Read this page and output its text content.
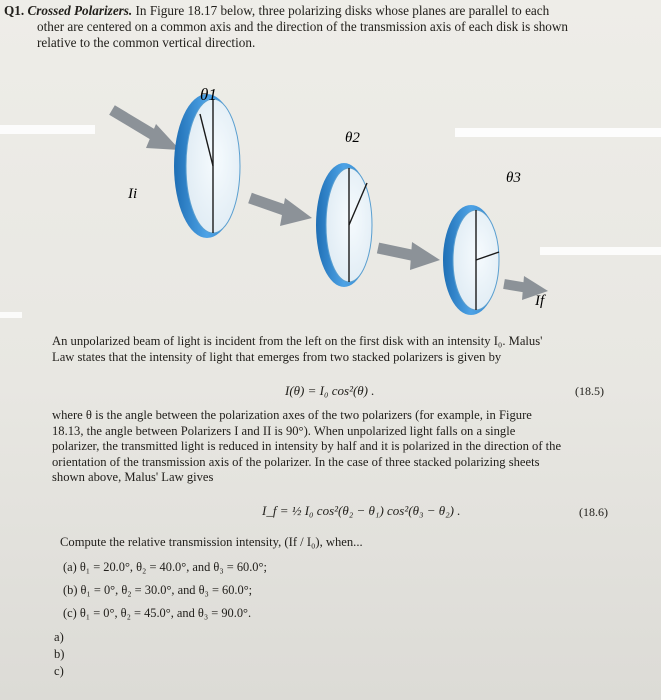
Q1. Crossed Polarizers. In Figure 18.17 below, three polarizing disks whose planes are parallel to each
other are centered on a common axis and the direction of the transmission axis of each disk is shown
relative to the common vertical direction.
θ1
θ2
θ3
Ii
If
An unpolarized beam of light is incident from the left on the first disk with an intensity I₀. Malus'
Law states that the intensity of light that emerges from two stacked polarizers is given by
I(θ) = I₀ cos²(θ) .	(18.5)
where θ is the angle between the polarization axes of the two polarizers (for example, in Figure
18.13, the angle between Polarizers I and II is 90°). When unpolarized light falls on a single
polarizer, the transmitted light is reduced in intensity by half and it is polarized in the direction of the
orientation of the transmission axis of the polarizer. In the case of three stacked polarizing sheets
shown above, Malus' Law gives
I_f = ½ I₀ cos²(θ₂ − θ₁) cos²(θ₃ − θ₂) .	(18.6)
Compute the relative transmission intensity, (If / I₀), when...
(a) θ₁ = 20.0°, θ₂ = 40.0°, and θ₃ = 60.0°;
(b) θ₁ = 0°, θ₂ = 30.0°, and θ₃ = 60.0°;
(c) θ₁ = 0°, θ₂ = 45.0°, and θ₃ = 90.0°.
a)
b)
c)
